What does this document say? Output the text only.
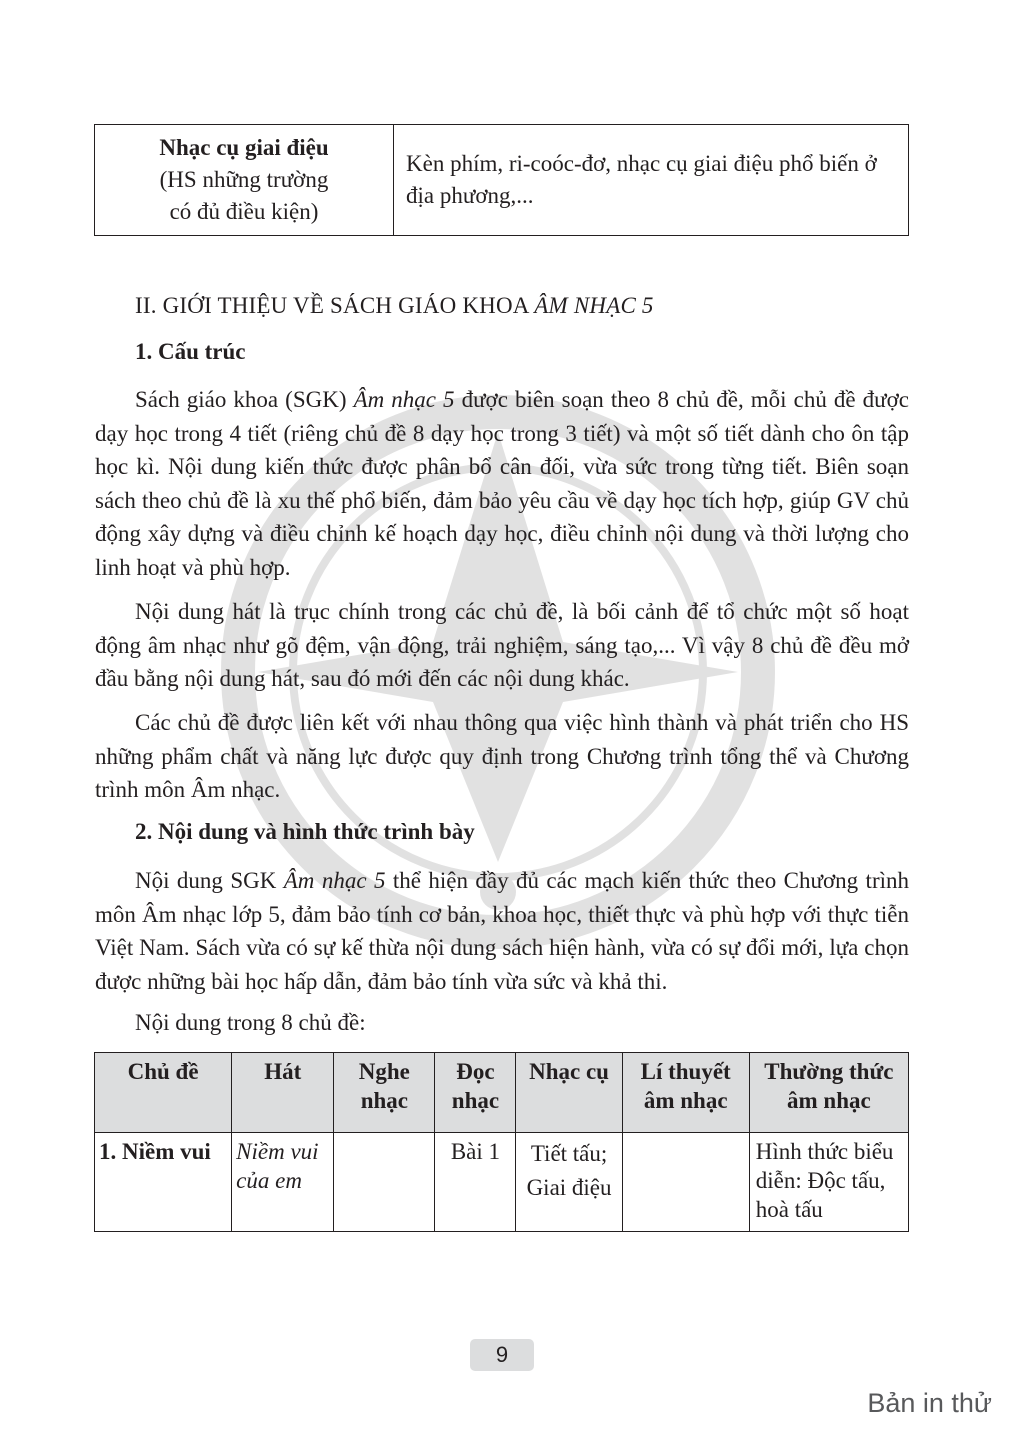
Nhạc cụ giai điệu
(HS những trường
có đủ điều kiện)
	Kèn phím, ri-coóc-đơ, nhạc cụ giai điệu phổ biến ở địa phương,...
II. GIỚI THIỆU VỀ SÁCH GIÁO KHOA ÂM NHẠC 5
1. Cấu trúc

Sách giáo khoa (SGK) Âm nhạc 5 được biên soạn theo 8 chủ đề, mỗi chủ đề được dạy học trong 4 tiết (riêng chủ đề 8 dạy học trong 3 tiết) và một số tiết dành cho ôn tập học kì. Nội dung kiến thức được phân bổ cân đối, vừa sức trong từng tiết. Biên soạn sách theo chủ đề là xu thế phổ biến, đảm bảo yêu cầu về dạy học tích hợp, giúp GV chủ động xây dựng và điều chỉnh kế hoạch dạy học, điều chỉnh nội dung và thời lượng cho linh hoạt và phù hợp.

Nội dung hát là trục chính trong các chủ đề, là bối cảnh để tổ chức một số hoạt động âm nhạc như gõ đệm, vận động, trải nghiệm, sáng tạo,... Vì vậy 8 chủ đề đều mở đầu bằng nội dung hát, sau đó mới đến các nội dung khác.

Các chủ đề được liên kết với nhau thông qua việc hình thành và phát triển cho HS những phẩm chất và năng lực được quy định trong Chương trình tổng thể và Chương trình môn Âm nhạc.

2. Nội dung và hình thức trình bày

Nội dung SGK Âm nhạc 5 thể hiện đầy đủ các mạch kiến thức theo Chương trình môn Âm nhạc lớp 5, đảm bảo tính cơ bản, khoa học, thiết thực và phù hợp với thực tiễn Việt Nam. Sách vừa có sự kế thừa nội dung sách hiện hành, vừa có sự đổi mới, lựa chọn được những bài học hấp dẫn, đảm bảo tính vừa sức và khả thi.

Nội dung trong 8 chủ đề:

Chủ đề	Hát	Nghe nhạc	Đọc nhạc	Nhạc cụ	Lí thuyết âm nhạc	Thường thức âm nhạc
1. Niềm vui	Niềm vui của em		Bài 1	Tiết tấu; Giai điệu		Hình thức biểu diễn: Độc tấu, hoà tấu
9
Bản in thử
